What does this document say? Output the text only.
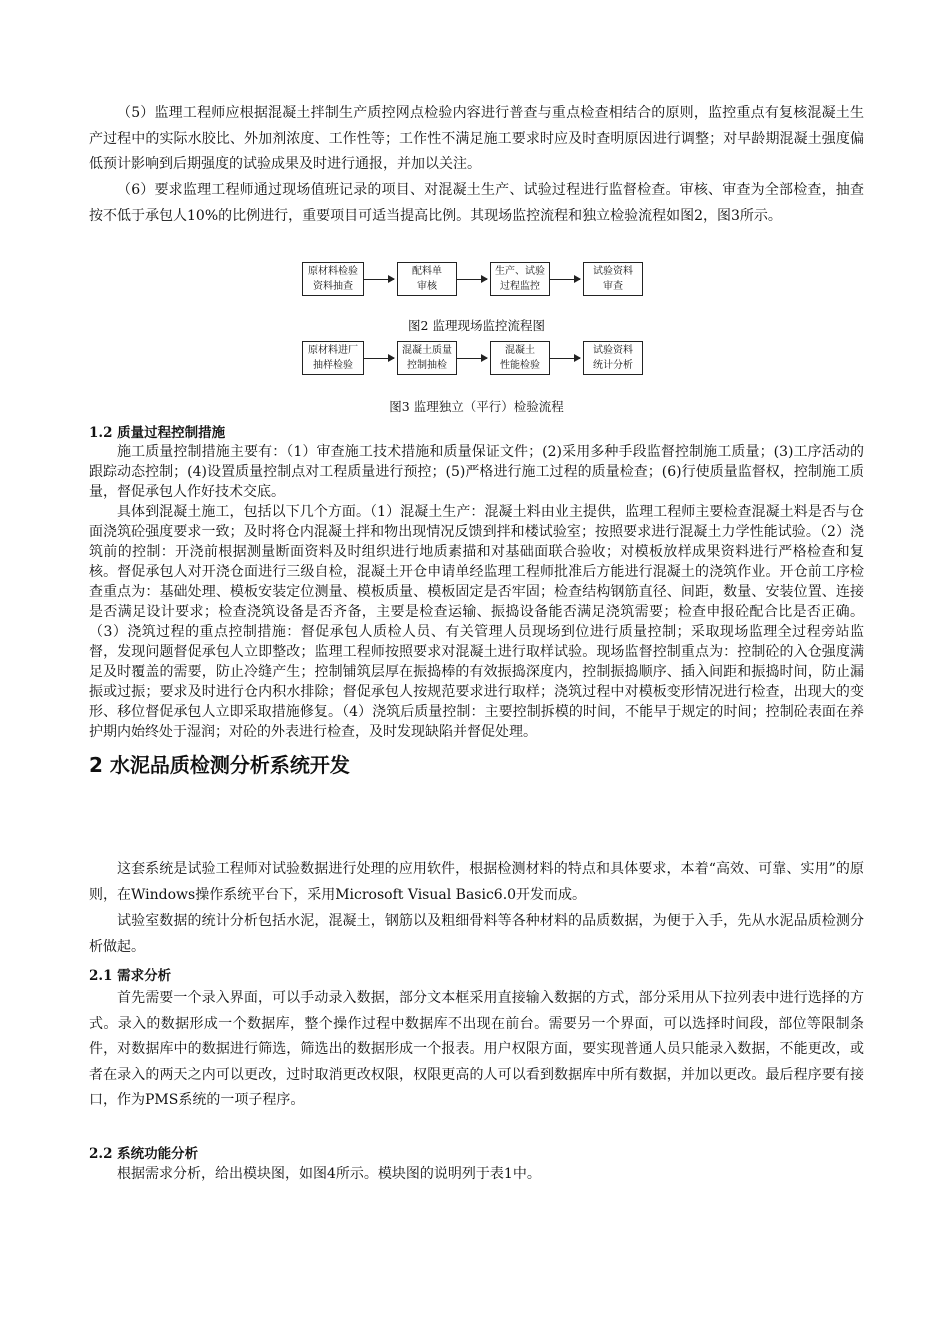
（5）监理工程师应根据混凝土拌制生产质控网点检验内容进行普查与重点检查相结合的原则，监控重点有复核混凝土生产过程中的实际水胶比、外加剂浓度、工作性等；工作性不满足施工要求时应及时查明原因进行调整；对早龄期混凝土强度偏低预计影响到后期强度的试验成果及时进行通报，并加以关注。

（6）要求监理工程师通过现场值班记录的项目、对混凝土生产、试验过程进行监督检查。审核、审查为全部检查，抽查按不低于承包人10%的比例进行，重要项目可适当提高比例。其现场监控流程和独立检验流程如图2，图3所示。

原材料检验
资料抽查
配料单
审核
生产、试验
过程监控
试验资料
审查

图2 监理现场监控流程图

原材料进厂
抽样检验
混凝土质量
控制抽检
混凝土
性能检验
试验资料
统计分析

图3 监理独立（平行）检验流程

1.2 质量过程控制措施

施工质量控制措施主要有：（1）审查施工技术措施和质量保证文件；(2)采用多种手段监督控制施工质量；(3)工序活动的跟踪动态控制；(4)设置质量控制点对工程质量进行预控；(5)严格进行施工过程的质量检查；(6)行使质量监督权，控制施工质量，督促承包人作好技术交底。

具体到混凝土施工，包括以下几个方面。（1）混凝土生产：混凝土料由业主提供，监理工程师主要检查混凝土料是否与仓面浇筑砼强度要求一致；及时将仓内混凝土拌和物出现情况反馈到拌和楼试验室；按照要求进行混凝土力学性能试验。（2）浇筑前的控制：开浇前根据测量断面资料及时组织进行地质素描和对基础面联合验收；对模板放样成果资料进行严格检查和复核。督促承包人对开浇仓面进行三级自检，混凝土开仓申请单经监理工程师批准后方能进行混凝土的浇筑作业。开仓前工序检查重点为：基础处理、模板安装定位测量、模板质量、模板固定是否牢固；检查结构钢筋直径、间距，数量、安装位置、连接是否满足设计要求；检查浇筑设备是否齐备，主要是检查运输、振捣设备能否满足浇筑需要；检查申报砼配合比是否正确。（3）浇筑过程的重点控制措施：督促承包人质检人员、有关管理人员现场到位进行质量控制；采取现场监理全过程旁站监督，发现问题督促承包人立即整改；监理工程师按照要求对混凝土进行取样试验。现场监督控制重点为：控制砼的入仓强度满足及时覆盖的需要，防止冷缝产生；控制铺筑层厚在振捣棒的有效振捣深度内，控制振捣顺序、插入间距和振捣时间，防止漏振或过振；要求及时进行仓内积水排除；督促承包人按规范要求进行取样；浇筑过程中对模板变形情况进行检查，出现大的变形、移位督促承包人立即采取措施修复。（4）浇筑后质量控制：主要控制拆模的时间，不能早于规定的时间；控制砼表面在养护期内始终处于湿润；对砼的外表进行检查，及时发现缺陷并督促处理。

2 水泥品质检测分析系统开发

这套系统是试验工程师对试验数据进行处理的应用软件，根据检测材料的特点和具体要求，本着“高效、可靠、实用”的原则，在Windows操作系统平台下，采用Microsoft Visual Basic6.0开发而成。

试验室数据的统计分析包括水泥，混凝土，钢筋以及粗细骨料等各种材料的品质数据，为便于入手，先从水泥品质检测分析做起。

2.1 需求分析

首先需要一个录入界面，可以手动录入数据，部分文本框采用直接输入数据的方式，部分采用从下拉列表中进行选择的方式。录入的数据形成一个数据库，整个操作过程中数据库不出现在前台。需要另一个界面，可以选择时间段，部位等限制条件，对数据库中的数据进行筛选，筛选出的数据形成一个报表。用户权限方面，要实现普通人员只能录入数据，不能更改，或者在录入的两天之内可以更改，过时取消更改权限，权限更高的人可以看到数据库中所有数据，并加以更改。最后程序要有接口，作为PMS系统的一项子程序。

2.2 系统功能分析

根据需求分析，给出模块图，如图4所示。模块图的说明列于表1中。
